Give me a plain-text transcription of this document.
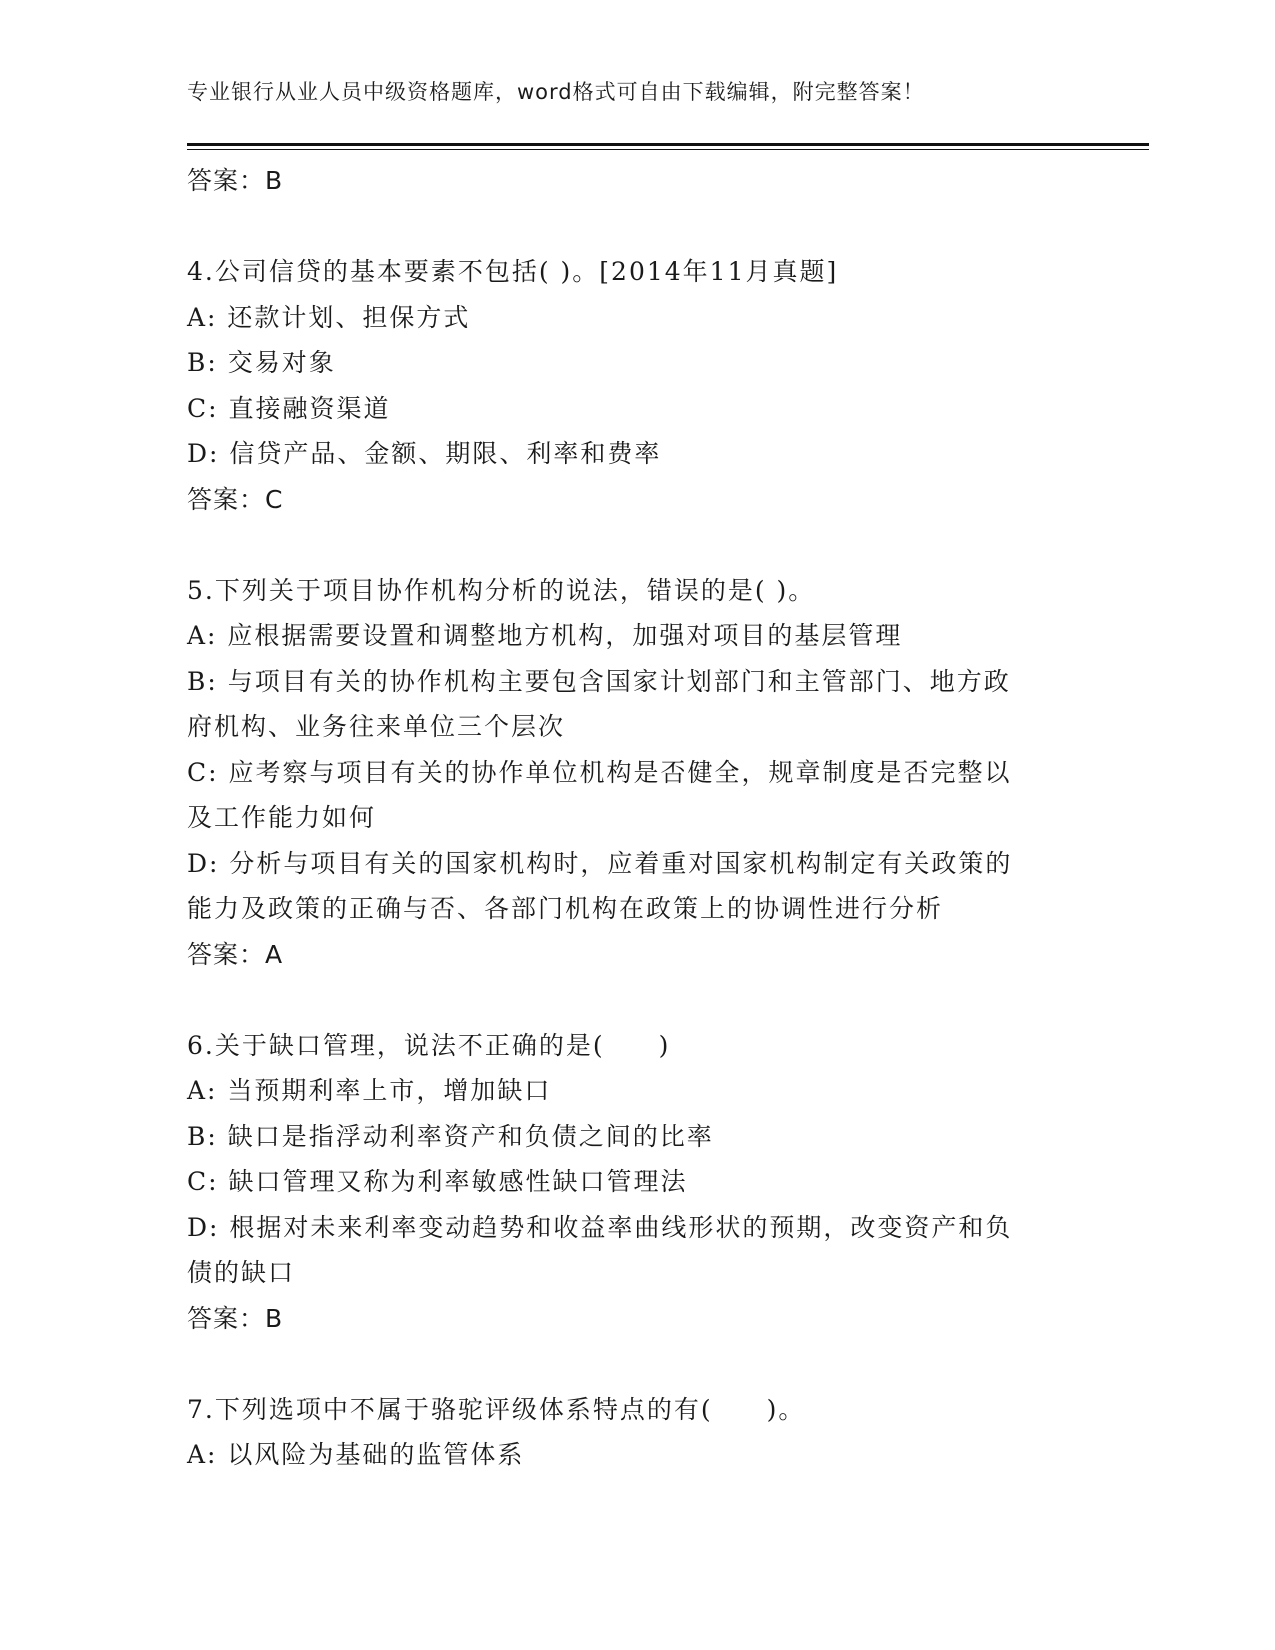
专业银行从业人员中级资格题库，word格式可自由下载编辑，附完整答案！
答案：B
4.公司信贷的基本要素不包括( )。[2014年11月真题]
A: 还款计划、担保方式
B: 交易对象
C: 直接融资渠道
D: 信贷产品、金额、期限、利率和费率
答案：C
5.下列关于项目协作机构分析的说法，错误的是( )。
A: 应根据需要设置和调整地方机构，加强对项目的基层管理
B: 与项目有关的协作机构主要包含国家计划部门和主管部门、地方政
府机构、业务往来单位三个层次
C: 应考察与项目有关的协作单位机构是否健全，规章制度是否完整以
及工作能力如何
D: 分析与项目有关的国家机构时，应着重对国家机构制定有关政策的
能力及政策的正确与否、各部门机构在政策上的协调性进行分析
答案：A
6.关于缺口管理，说法不正确的是(　　)
A: 当预期利率上市，增加缺口
B: 缺口是指浮动利率资产和负债之间的比率
C: 缺口管理又称为利率敏感性缺口管理法
D: 根据对未来利率变动趋势和收益率曲线形状的预期，改变资产和负
债的缺口
答案：B
7.下列选项中不属于骆驼评级体系特点的有(　　)。
A: 以风险为基础的监管体系
